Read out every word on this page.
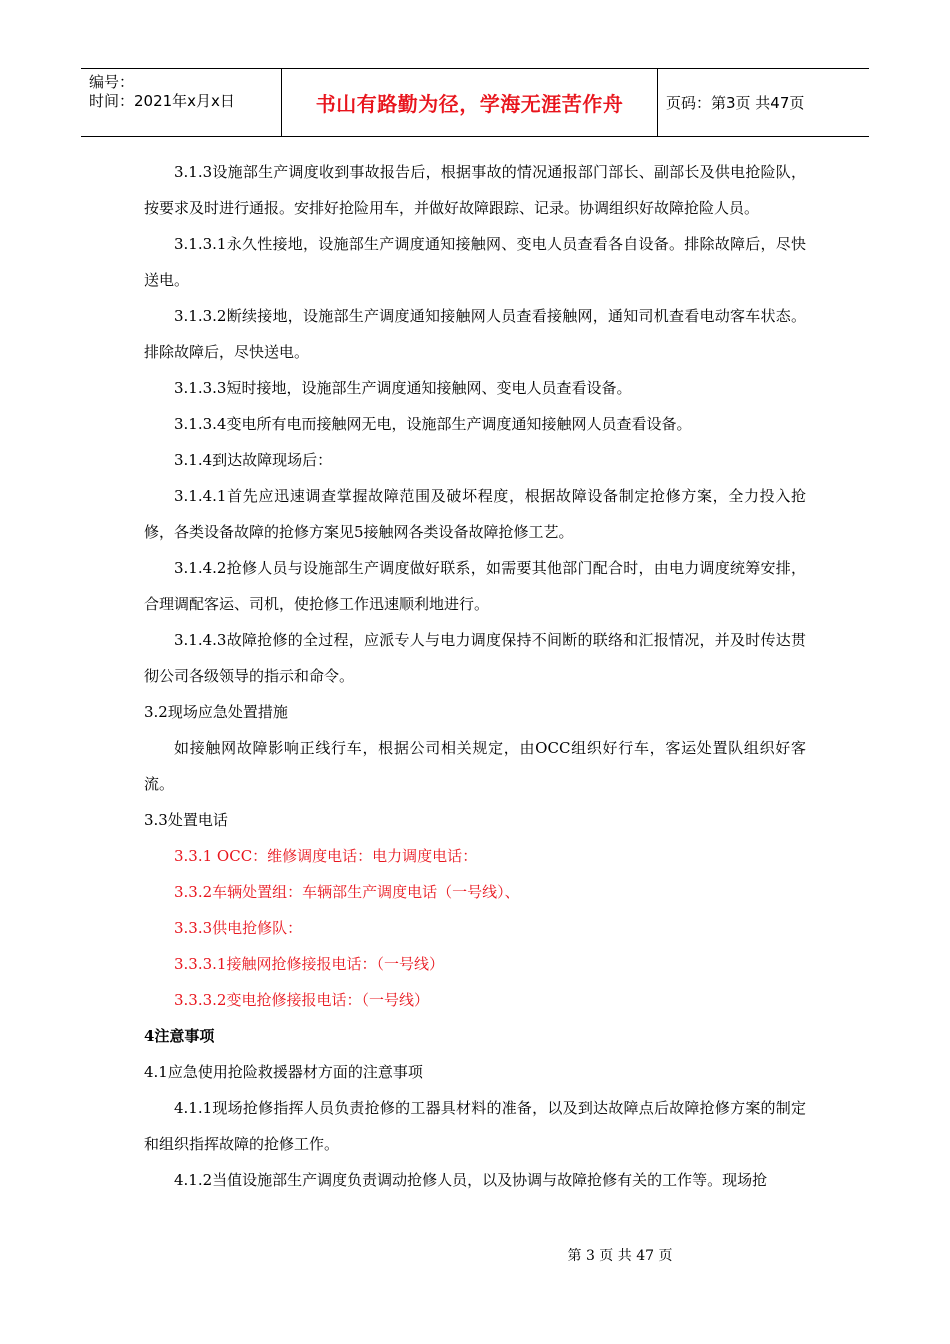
编号：
时间：2021年x月x日	书山有路勤为径，学海无涯苦作舟	页码：第3页 共47页

3.1.3设施部生产调度收到事故报告后，根据事故的情况通报部门部长、副部长及供电抢险队，按要求及时进行通报。安排好抢险用车，并做好故障跟踪、记录。协调组织好故障抢险人员。

3.1.3.1永久性接地，设施部生产调度通知接触网、变电人员查看各自设备。排除故障后，尽快送电。

3.1.3.2断续接地，设施部生产调度通知接触网人员查看接触网，通知司机查看电动客车状态。排除故障后，尽快送电。

3.1.3.3短时接地，设施部生产调度通知接触网、变电人员查看设备。

3.1.3.4变电所有电而接触网无电，设施部生产调度通知接触网人员查看设备。

3.1.4到达故障现场后：

3.1.4.1首先应迅速调查掌握故障范围及破坏程度，根据故障设备制定抢修方案，全力投入抢修，各类设备故障的抢修方案见5接触网各类设备故障抢修工艺。

3.1.4.2抢修人员与设施部生产调度做好联系，如需要其他部门配合时，由电力调度统筹安排，合理调配客运、司机，使抢修工作迅速顺利地进行。

3.1.4.3故障抢修的全过程，应派专人与电力调度保持不间断的联络和汇报情况，并及时传达贯彻公司各级领导的指示和命令。

3.2现场应急处置措施

如接触网故障影响正线行车，根据公司相关规定，由OCC组织好行车，客运处置队组织好客流。

3.3处置电话

3.3.1 OCC：维修调度电话：电力调度电话：

3.3.2车辆处置组：车辆部生产调度电话（一号线）、

3.3.3供电抢修队：

3.3.3.1接触网抢修接报电话：（一号线）

3.3.3.2变电抢修接报电话：（一号线）

4注意事项

4.1应急使用抢险救援器材方面的注意事项

4.1.1现场抢修指挥人员负责抢修的工器具材料的准备，以及到达故障点后故障抢修方案的制定和组织指挥故障的抢修工作。

4.1.2当值设施部生产调度负责调动抢修人员，以及协调与故障抢修有关的工作等。现场抢

第 3 页 共 47 页
